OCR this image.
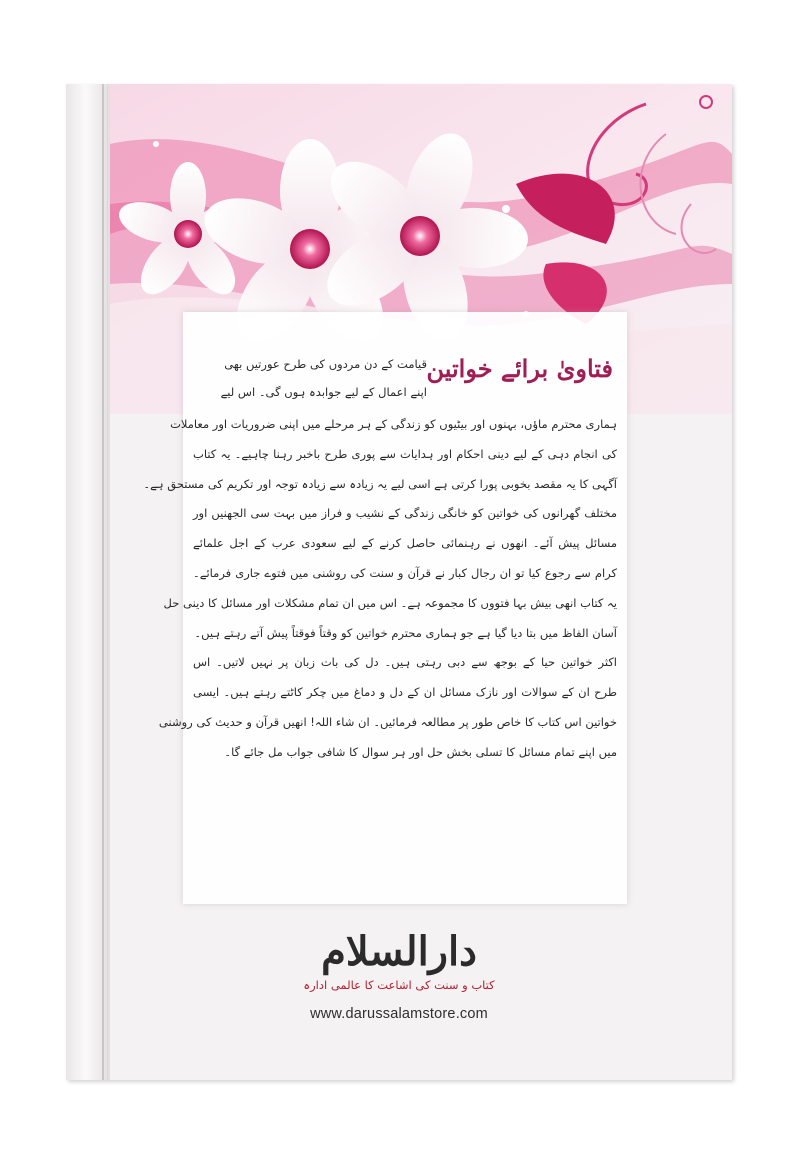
فتاویٰ برائے خواتین
قیامت کے دن مردوں کی طرح عورتیں بھی
اپنے اعمال کے لیے جوابدہ ہوں گی۔ اس لیے
ہماری محترم ماؤں، بہنوں اور بیٹیوں کو زندگی کے ہر مرحلے میں اپنی ضروریات اور معاملات
کی انجام دہی کے لیے دینی احکام اور ہدایات سے پوری طرح باخبر رہنا چاہیے۔ یہ کتاب
آگہی کا یہ مقصد بخوبی پورا کرتی ہے اسی لیے یہ زیادہ سے زیادہ توجہ اور تکریم کی مستحق ہے۔
مختلف گھرانوں کی خواتین کو خانگی زندگی کے نشیب و فراز میں بہت سی الجھنیں اور
مسائل پیش آئے۔ انھوں نے رہنمائی حاصل کرنے کے لیے سعودی عرب کے اجل علمائے
کرام سے رجوع کیا تو ان رجال کبار نے قرآن و سنت کی روشنی میں فتوے جاری فرمائے۔
یہ کتاب انھی بیش بہا فتووں کا مجموعہ ہے۔ اس میں ان تمام مشکلات اور مسائل کا دینی حل
آسان الفاظ میں بتا دیا گیا ہے جو ہماری محترم خواتین کو وقتاً فوقتاً پیش آتے رہتے ہیں۔
اکثر خواتین حیا کے بوجھ سے دبی رہتی ہیں۔ دل کی بات زبان پر نہیں لاتیں۔ اس
طرح ان کے سوالات اور نازک مسائل ان کے دل و دماغ میں چکر کاٹتے رہتے ہیں۔ ایسی
خواتین اس کتاب کا خاص طور پر مطالعہ فرمائیں۔ ان شاء اللہ! انھیں قرآن و حدیث کی روشنی
میں اپنے تمام مسائل کا تسلی بخش حل اور ہر سوال کا شافی جواب مل جائے گا۔
دارالسلام
کتاب و سنت کی اشاعت کا عالمی ادارہ
www.darussalamstore.com
